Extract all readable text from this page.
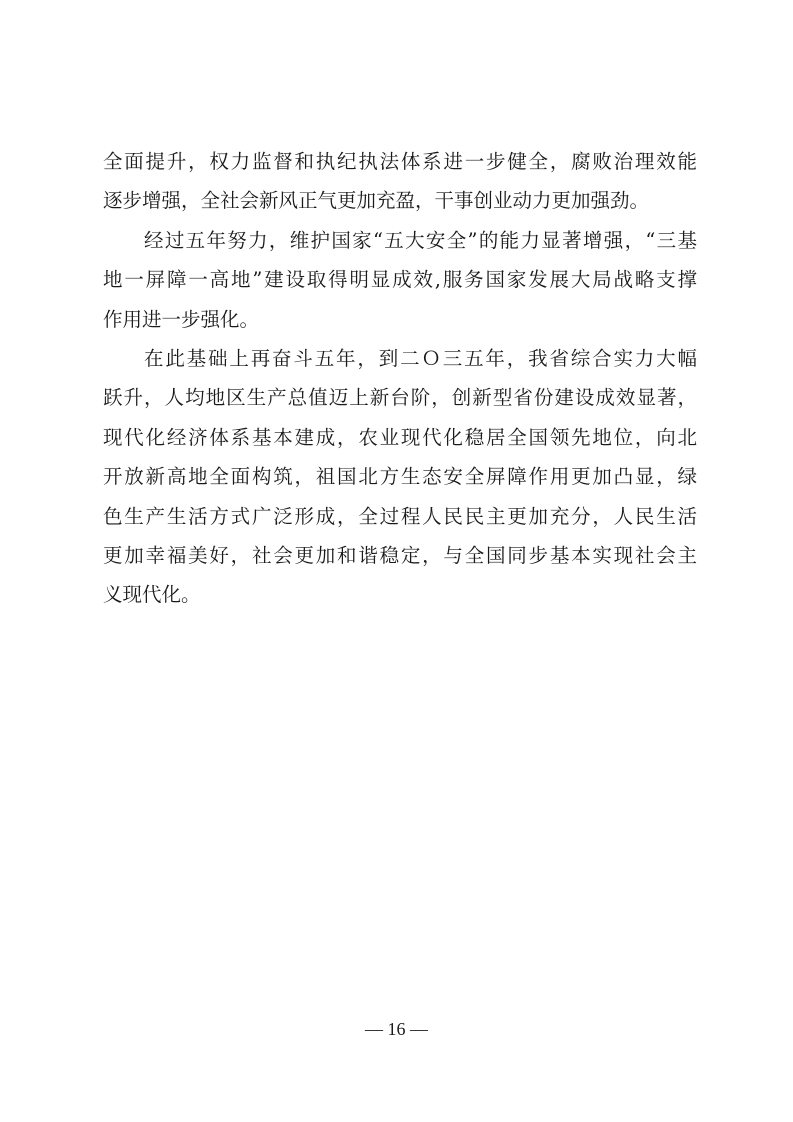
全面提升，权力监督和执纪执法体系进一步健全，腐败治理效能
逐步增强，全社会新风正气更加充盈，干事创业动力更加强劲。
经过五年努力，维护国家“五大安全”的能力显著增强，“三基
地一屏障一高地”建设取得明显成效,服务国家发展大局战略支撑
作用进一步强化。
在此基础上再奋斗五年，到二Ｏ三五年，我省综合实力大幅
跃升，人均地区生产总值迈上新台阶，创新型省份建设成效显著，
现代化经济体系基本建成，农业现代化稳居全国领先地位，向北
开放新高地全面构筑，祖国北方生态安全屏障作用更加凸显，绿
色生产生活方式广泛形成，全过程人民民主更加充分，人民生活
更加幸福美好，社会更加和谐稳定，与全国同步基本实现社会主
义现代化。
— 16 —
